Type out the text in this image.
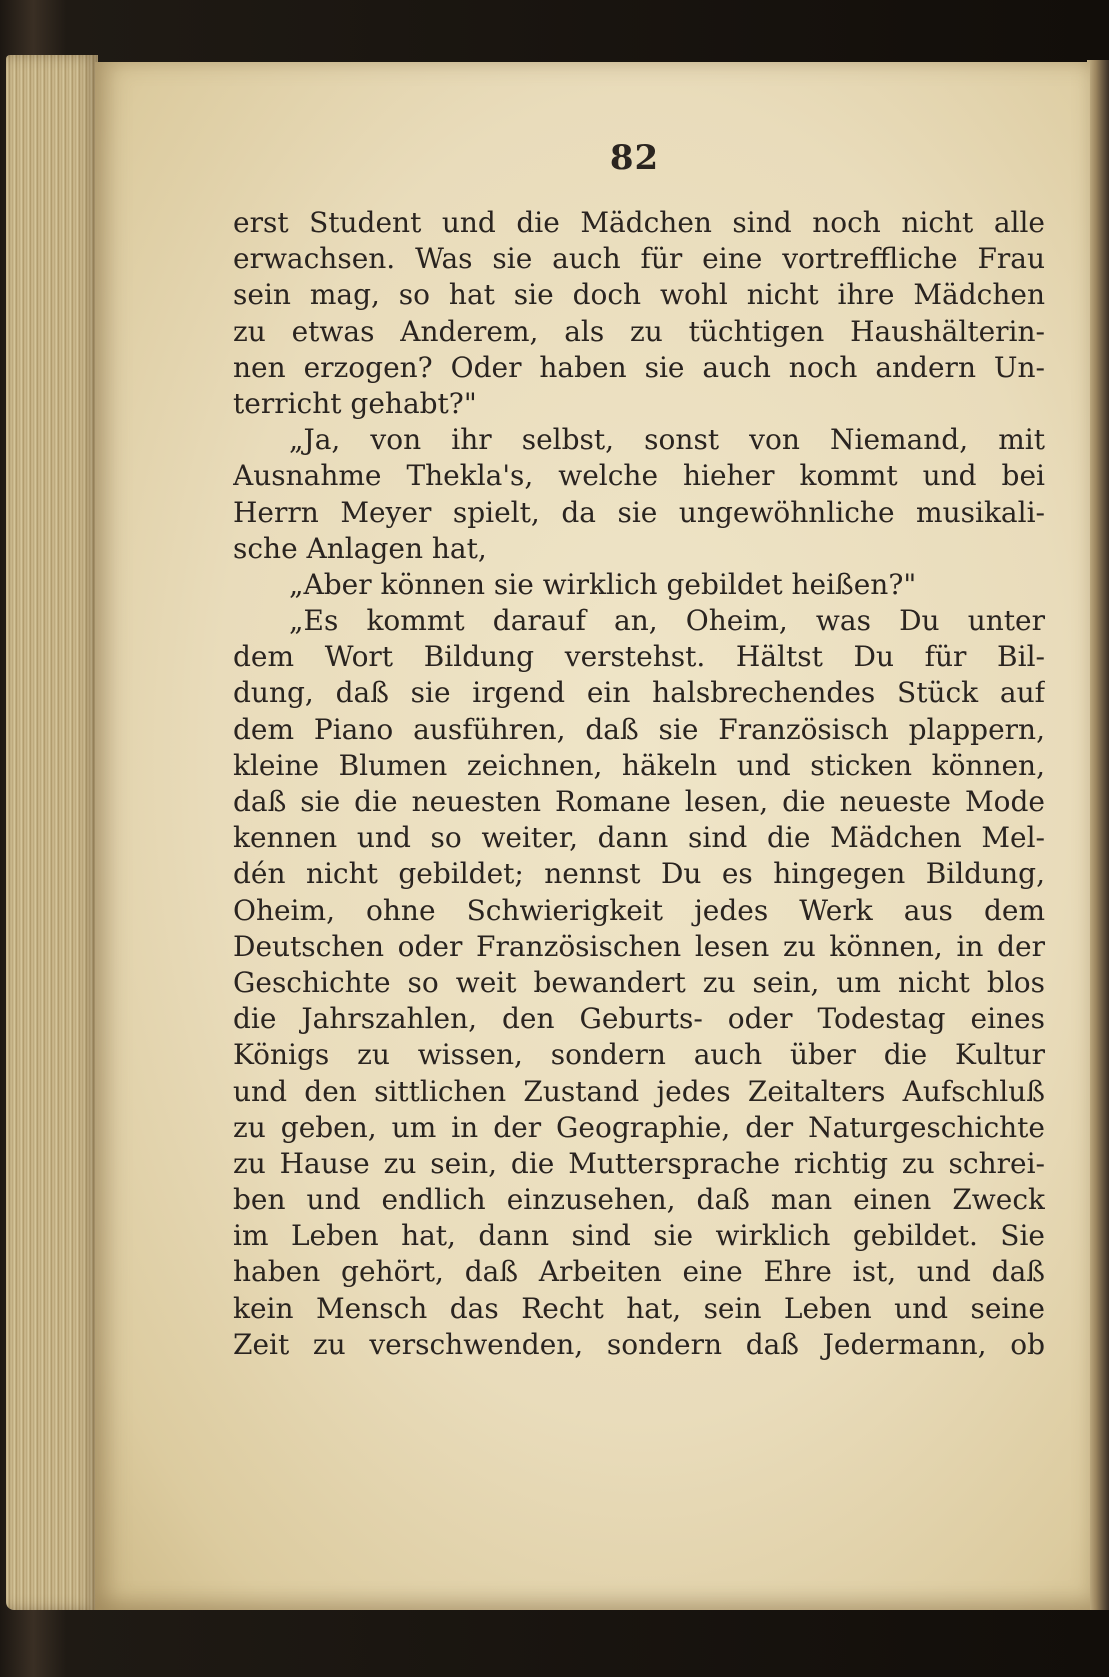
82
erst Student und die Mädchen sind noch nicht alle
erwachsen. Was sie auch für eine vortreffliche Frau
sein mag, so hat sie doch wohl nicht ihre Mädchen
zu etwas Anderem, als zu tüchtigen Haushälterin-
nen erzogen? Oder haben sie auch noch andern Un-
terricht gehabt?"
„Ja, von ihr selbst, sonst von Niemand, mit
Ausnahme Thekla's, welche hieher kommt und bei
Herrn Meyer spielt, da sie ungewöhnliche musikali-
sche Anlagen hat,
„Aber können sie wirklich gebildet heißen?"
„Es kommt darauf an, Oheim, was Du unter
dem Wort Bildung verstehst. Hältst Du für Bil-
dung, daß sie irgend ein halsbrechendes Stück auf
dem Piano ausführen, daß sie Französisch plappern,
kleine Blumen zeichnen, häkeln und sticken können,
daß sie die neuesten Romane lesen, die neueste Mode
kennen und so weiter, dann sind die Mädchen Mel-
dén nicht gebildet; nennst Du es hingegen Bildung,
Oheim, ohne Schwierigkeit jedes Werk aus dem
Deutschen oder Französischen lesen zu können, in der
Geschichte so weit bewandert zu sein, um nicht blos
die Jahrszahlen, den Geburts- oder Todestag eines
Königs zu wissen, sondern auch über die Kultur
und den sittlichen Zustand jedes Zeitalters Aufschluß
zu geben, um in der Geographie, der Naturgeschichte
zu Hause zu sein, die Muttersprache richtig zu schrei-
ben und endlich einzusehen, daß man einen Zweck
im Leben hat, dann sind sie wirklich gebildet. Sie
haben gehört, daß Arbeiten eine Ehre ist, und daß
kein Mensch das Recht hat, sein Leben und seine
Zeit zu verschwenden, sondern daß Jedermann, ob
